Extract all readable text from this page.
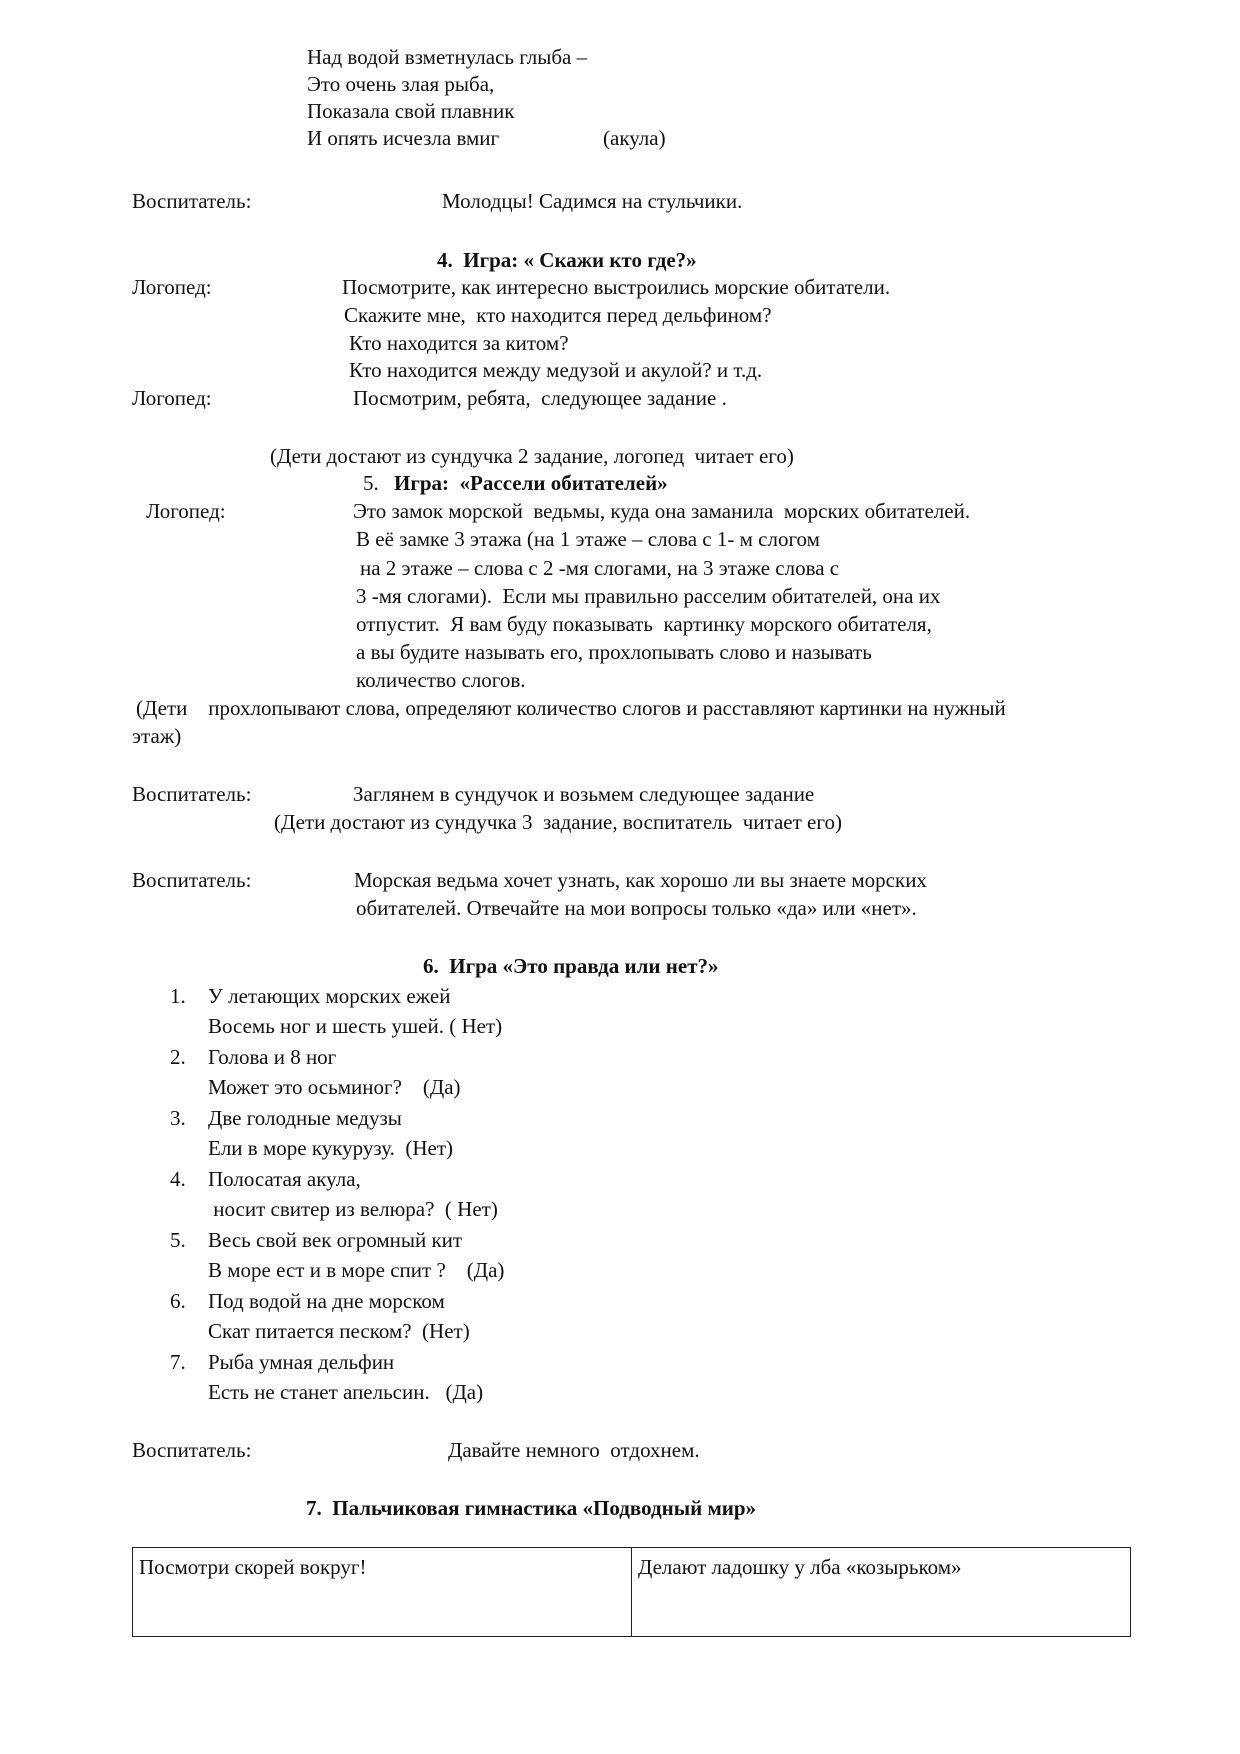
Над водой взметнулась глыба –
Это очень злая рыба,
Показала свой плавник
И опять исчезла вмиг	(акула)
Воспитатель:	Молодцы! Садимся на стульчики.
4.  Игра: « Скажи кто где?»
Логопед:	Посмотрите, как интересно выстроились морские обитатели.
Скажите мне,  кто находится перед дельфином?
Кто находится за китом?
Кто находится между медузой и акулой? и т.д.
Логопед:	Посмотрим, ребята,  следующее задание .
(Дети достают из сундучка 2 задание, логопед  читает его)
5. Игра:  «Рассели обитателей»
Логопед:	Это замок морской  ведьмы, куда она заманила  морских обитателей.
В её замке 3 этажа (на 1 этаже – слова с 1- м слогом
на 2 этаже – слова с 2 -мя слогами, на 3 этаже слова с
3 -мя слогами).  Если мы правильно расселим обитателей, она их
отпустит.  Я вам буду показывать  картинку морского обитателя,
а вы будите называть его, прохлопывать слово и называть
количество слогов.
(Дети    прохлопывают слова, определяют количество слогов и расставляют картинки на нужный
этаж)
Воспитатель:	Заглянем в сундучок и возьмем следующее задание
(Дети достают из сундучка 3  задание, воспитатель  читает его)
Воспитатель:	Морская ведьма хочет узнать, как хорошо ли вы знаете морских
обитателей. Отвечайте на мои вопросы только «да» или «нет».
6.  Игра «Это правда или нет?»
1. У летающих морских ежей
Восемь ног и шесть ушей. ( Нет)
2. Голова и 8 ног
Может это осьминог?    (Да)
3. Две голодные медузы
Ели в море кукурузу.  (Нет)
4. Полосатая акула,
носит свитер из велюра?  ( Нет)
5. Весь свой век огромный кит
В море ест и в море спит ?    (Да)
6. Под водой на дне морском
Скат питается песком?  (Нет)
7. Рыба умная дельфин
Есть не станет апельсин.   (Да)
Воспитатель:	Давайте немного  отдохнем.
7.  Пальчиковая гимнастика «Подводный мир»
Посмотри скорей вокруг!	Делают ладошку у лба «козырьком»
